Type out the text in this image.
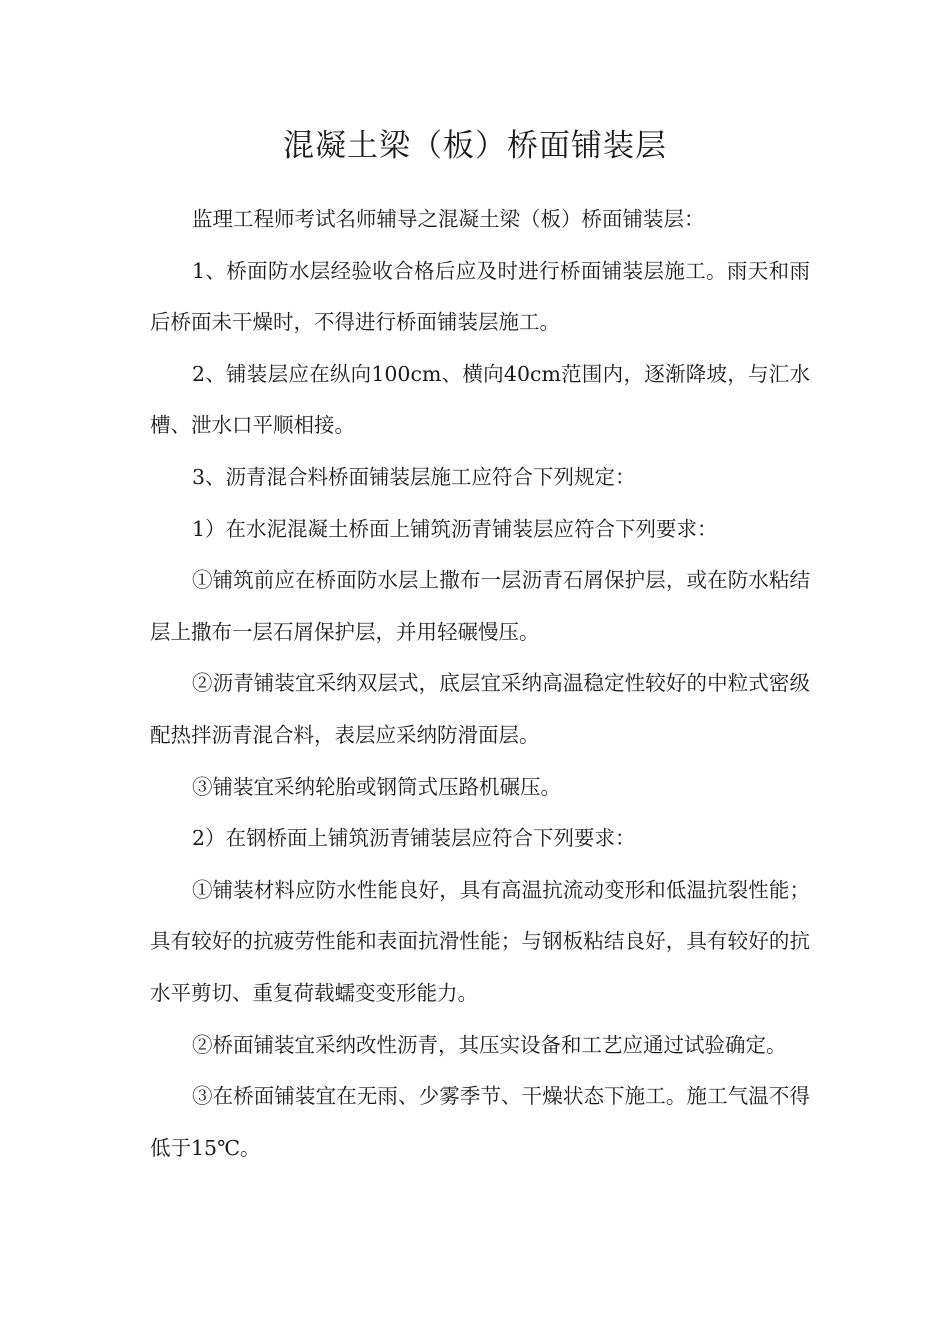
混凝土梁（板）桥面铺装层

监理工程师考试名师辅导之混凝土梁（板）桥面铺装层：

1、桥面防水层经验收合格后应及时进行桥面铺装层施工。雨天和雨后桥面未干燥时，不得进行桥面铺装层施工。

2、铺装层应在纵向100cm、横向40cm范围内，逐渐降坡，与汇水槽、泄水口平顺相接。

3、沥青混合料桥面铺装层施工应符合下列规定：

1）在水泥混凝土桥面上铺筑沥青铺装层应符合下列要求：

①铺筑前应在桥面防水层上撒布一层沥青石屑保护层，或在防水粘结层上撒布一层石屑保护层，并用轻碾慢压。

②沥青铺装宜采纳双层式，底层宜采纳高温稳定性较好的中粒式密级配热拌沥青混合料，表层应采纳防滑面层。

③铺装宜采纳轮胎或钢筒式压路机碾压。

2）在钢桥面上铺筑沥青铺装层应符合下列要求：

①铺装材料应防水性能良好，具有高温抗流动变形和低温抗裂性能；具有较好的抗疲劳性能和表面抗滑性能；与钢板粘结良好，具有较好的抗水平剪切、重复荷载蠕变变形能力。

②桥面铺装宜采纳改性沥青，其压实设备和工艺应通过试验确定。

③在桥面铺装宜在无雨、少雾季节、干燥状态下施工。施工气温不得低于15℃。
